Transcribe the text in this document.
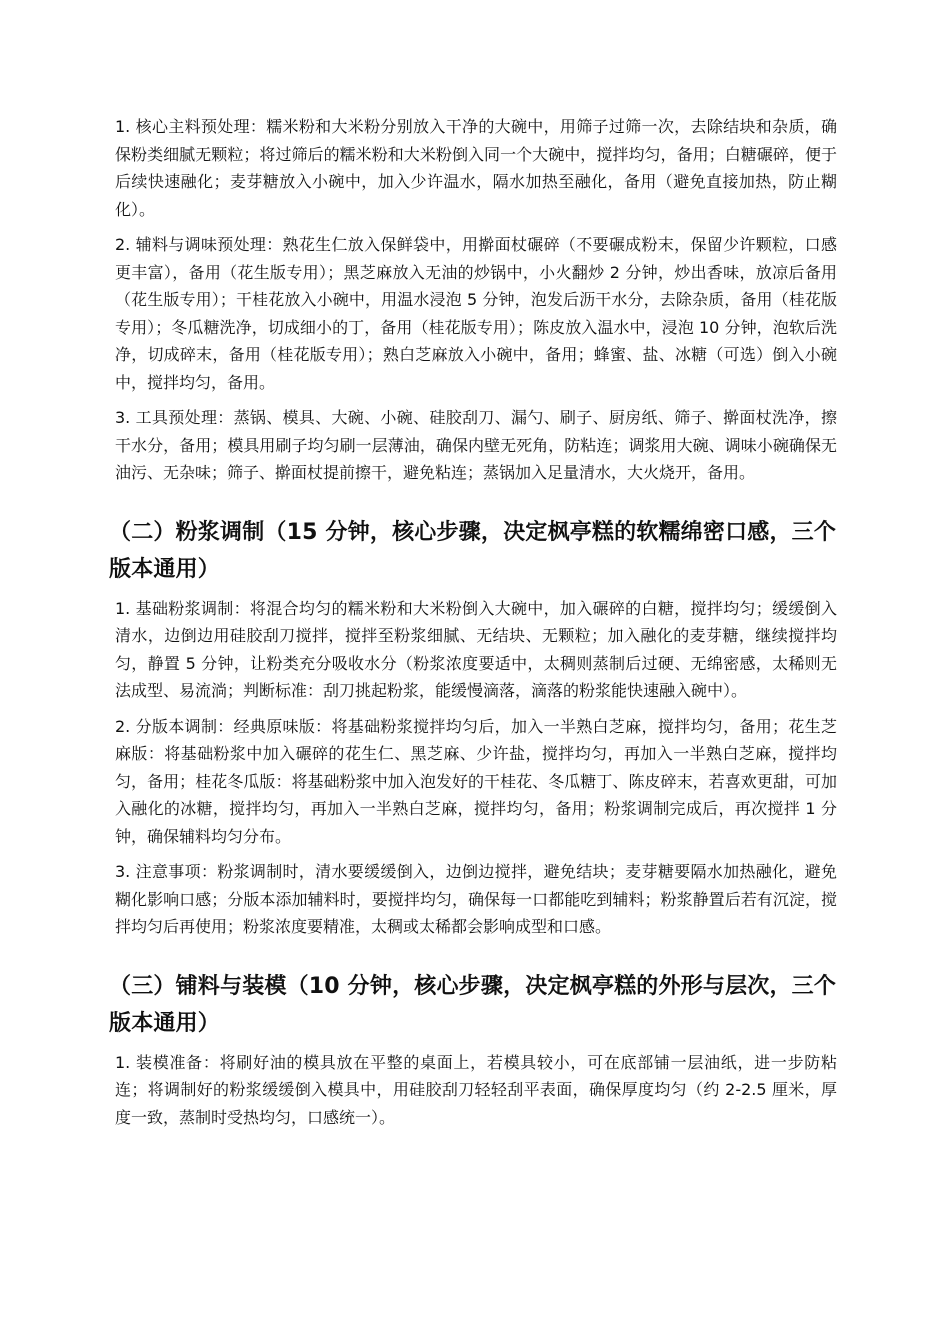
1. 核心主料预处理：糯米粉和大米粉分别放入干净的大碗中，用筛子过筛一次，去除结块和杂质，确保粉类细腻无颗粒；将过筛后的糯米粉和大米粉倒入同一个大碗中，搅拌均匀，备用；白糖碾碎，便于后续快速融化；麦芽糖放入小碗中，加入少许温水，隔水加热至融化，备用（避免直接加热，防止糊化）。

2. 辅料与调味预处理：熟花生仁放入保鲜袋中，用擀面杖碾碎（不要碾成粉末，保留少许颗粒，口感更丰富），备用（花生版专用）；黑芝麻放入无油的炒锅中，小火翻炒 2 分钟，炒出香味，放凉后备用（花生版专用）；干桂花放入小碗中，用温水浸泡 5 分钟，泡发后沥干水分，去除杂质，备用（桂花版专用）；冬瓜糖洗净，切成细小的丁，备用（桂花版专用）；陈皮放入温水中，浸泡 10 分钟，泡软后洗净，切成碎末，备用（桂花版专用）；熟白芝麻放入小碗中，备用；蜂蜜、盐、冰糖（可选）倒入小碗中，搅拌均匀，备用。

3. 工具预处理：蒸锅、模具、大碗、小碗、硅胶刮刀、漏勺、刷子、厨房纸、筛子、擀面杖洗净，擦干水分，备用；模具用刷子均匀刷一层薄油，确保内壁无死角，防粘连；调浆用大碗、调味小碗确保无油污、无杂味；筛子、擀面杖提前擦干，避免粘连；蒸锅加入足量清水，大火烧开，备用。

（二）粉浆调制（15 分钟，核心步骤，决定枫亭糕的软糯绵密口感，三个版本通用）

1. 基础粉浆调制：将混合均匀的糯米粉和大米粉倒入大碗中，加入碾碎的白糖，搅拌均匀；缓缓倒入清水，边倒边用硅胶刮刀搅拌，搅拌至粉浆细腻、无结块、无颗粒；加入融化的麦芽糖，继续搅拌均匀，静置 5 分钟，让粉类充分吸收水分（粉浆浓度要适中，太稠则蒸制后过硬、无绵密感，太稀则无法成型、易流淌；判断标准：刮刀挑起粉浆，能缓慢滴落，滴落的粉浆能快速融入碗中）。

2. 分版本调制：经典原味版：将基础粉浆搅拌均匀后，加入一半熟白芝麻，搅拌均匀，备用；花生芝麻版：将基础粉浆中加入碾碎的花生仁、黑芝麻、少许盐，搅拌均匀，再加入一半熟白芝麻，搅拌均匀，备用；桂花冬瓜版：将基础粉浆中加入泡发好的干桂花、冬瓜糖丁、陈皮碎末，若喜欢更甜，可加入融化的冰糖，搅拌均匀，再加入一半熟白芝麻，搅拌均匀，备用；粉浆调制完成后，再次搅拌 1 分钟，确保辅料均匀分布。

3. 注意事项：粉浆调制时，清水要缓缓倒入，边倒边搅拌，避免结块；麦芽糖要隔水加热融化，避免糊化影响口感；分版本添加辅料时，要搅拌均匀，确保每一口都能吃到辅料；粉浆静置后若有沉淀，搅拌均匀后再使用；粉浆浓度要精准，太稠或太稀都会影响成型和口感。

（三）铺料与装模（10 分钟，核心步骤，决定枫亭糕的外形与层次，三个版本通用）

1. 装模准备：将刷好油的模具放在平整的桌面上，若模具较小，可在底部铺一层油纸，进一步防粘连；将调制好的粉浆缓缓倒入模具中，用硅胶刮刀轻轻刮平表面，确保厚度均匀（约 2-2.5 厘米，厚度一致，蒸制时受热均匀，口感统一）。
